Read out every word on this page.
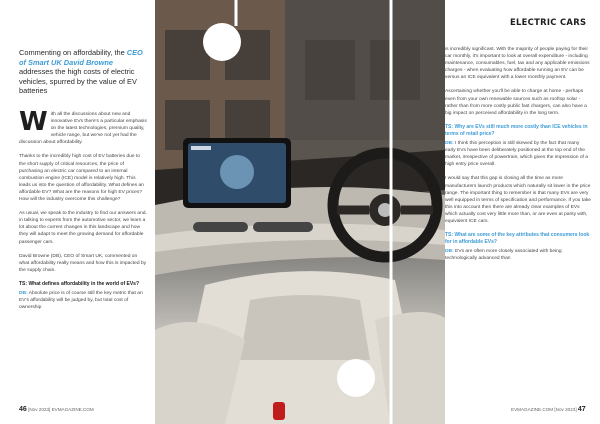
Commenting on affordability, the CEO of Smart UK David Browne addresses the high costs of electric vehicles, spurred by the value of EV batteries

With all the discussions about new and innovative EVs there's a particular emphasis on the latest technologies, premium quality, vehicle range, but we've not yet had the discussion about affordability.

Thanks to the incredibly high cost of EV batteries due to the short supply of critical resources, the price of purchasing an electric car compared to an internal combustion engine (ICE) model is relatively high. This leads us into the question of affordability. What defines an affordable EV? What are the reasons for high EV prices? How will the industry overcome this challenge?

As usual, we speak to the industry to find our answers and, in talking to experts from the automotive sector, we learn a lot about the current changes in this landscape and how they will adapt to meet the growing demand for affordable passenger cars.

David Browne (DB), CEO of Smart UK, commented on what affordability really means and how this is impacted by the supply chain.

TS: What defines affordability in the world of EVs?

DB: Absolute price is of course still the key metric that an EV's affordability will be judged by, but total cost of ownership

46 [Nov 2023] EVMAGAZINE.COM
ELECTRIC CARS

is incredibly significant. With the majority of people paying for their car monthly, it's important to look at overall expenditure - including maintenance, consumables, fuel, tax and any applicable emissions charges - when evaluating how affordable running an EV can be versus an ICE equivalent with a lower monthly payment.

Ascertaining whether you'll be able to charge at home - perhaps even from your own renewable sources such as rooftop solar - rather than from more costly public fast chargers, can also have a big impact on perceived affordability in the long term.

TS: Why are EVs still much more costly than ICE vehicles in terms of retail price?

DB: I think this perception is still skewed by the fact that many early EVs have been deliberately positioned at the top end of the market, irrespective of powertrain, which gives the impression of a high entry price overall.

I would say that this gap is closing all the time as more manufacturers launch products which naturally sit lower in the price range. The important thing to remember is that many EVs are very well equipped in terms of specification and performance. If you take this into account then there are already clear examples of EVs which actually cost very little more than, or are even at parity with, equivalent ICE cars.

TS: What are some of the key attributes that consumers look for in affordable EVs?

DB: EVs are often more closely associated with being technologically advanced than

EVMAGAZINE.COM [Nov 2023] 47
